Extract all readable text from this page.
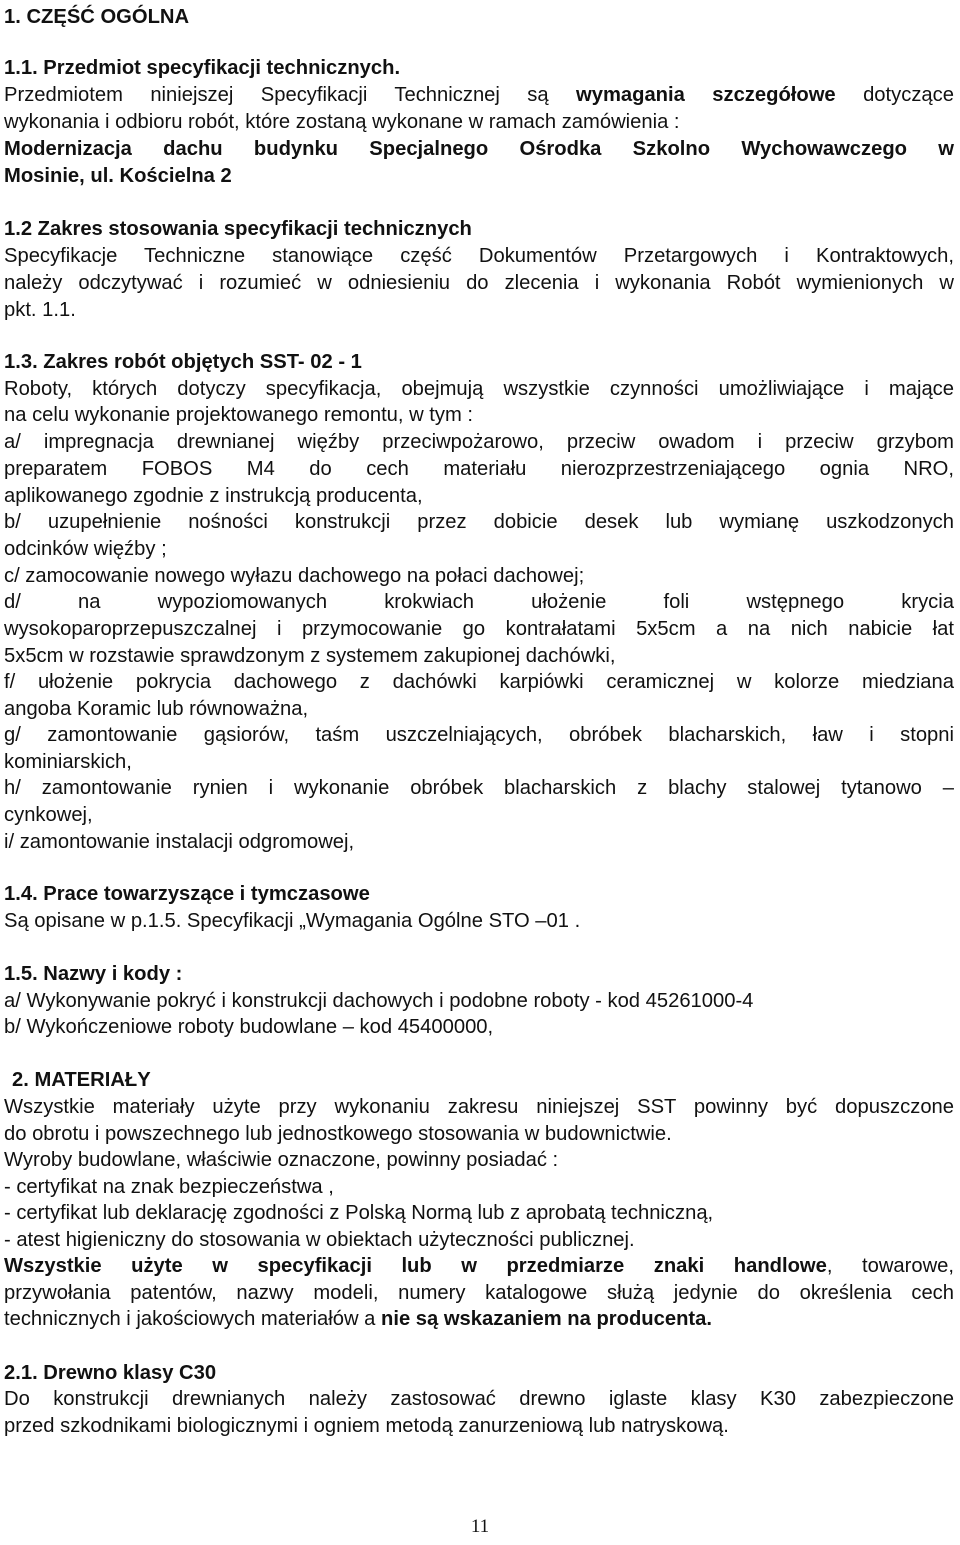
1. CZĘŚĆ OGÓLNA
1.1. Przedmiot specyfikacji technicznych.
Przedmiotem niniejszej Specyfikacji Technicznej są wymagania szczegółowe dotyczące
wykonania i odbioru robót, które zostaną wykonane w ramach zamówienia :
Modernizacja dachu budynku Specjalnego Ośrodka Szkolno Wychowawczego w
Mosinie, ul. Kościelna 2
1.2 Zakres stosowania specyfikacji technicznych
Specyfikacje Techniczne stanowiące część Dokumentów Przetargowych i Kontraktowych,
należy odczytywać i rozumieć w odniesieniu do zlecenia i wykonania Robót wymienionych w
pkt. 1.1.
1.3. Zakres robót objętych SST- 02 - 1
Roboty, których dotyczy specyfikacja, obejmują wszystkie czynności umożliwiające i mające
na celu wykonanie projektowanego remontu, w tym :
a/ impregnacja drewnianej więźby przeciwpożarowo, przeciw owadom i przeciw grzybom
preparatem FOBOS M4 do cech materiału nierozprzestrzeniającego ognia NRO,
aplikowanego zgodnie z instrukcją producenta,
b/ uzupełnienie nośności konstrukcji przez dobicie desek lub wymianę uszkodzonych
odcinków więźby ;
c/ zamocowanie nowego wyłazu dachowego na połaci dachowej;
d/ na wypoziomowanych krokwiach ułożenie foli wstępnego krycia
wysokoparoprzepuszczalnej i przymocowanie go kontrałatami 5x5cm a na nich nabicie łat
5x5cm w rozstawie sprawdzonym z systemem zakupionej dachówki,
f/ ułożenie pokrycia dachowego z dachówki karpiówki ceramicznej w kolorze miedziana
angoba Koramic lub równoważna,
g/ zamontowanie gąsiorów, taśm uszczelniających, obróbek blacharskich, ław i stopni
kominiarskich,
h/ zamontowanie rynien i wykonanie obróbek blacharskich z blachy stalowej tytanowo –
cynkowej,
i/ zamontowanie instalacji odgromowej,
1.4. Prace towarzyszące i tymczasowe
Są opisane w p.1.5. Specyfikacji „Wymagania Ogólne STO –01 .
1.5. Nazwy i kody :
a/ Wykonywanie pokryć i konstrukcji dachowych i podobne roboty - kod 45261000-4
b/ Wykończeniowe roboty budowlane – kod 45400000,
2. MATERIAŁY
Wszystkie materiały użyte przy wykonaniu zakresu niniejszej SST powinny być dopuszczone
do obrotu i powszechnego lub jednostkowego stosowania w budownictwie.
Wyroby budowlane, właściwie oznaczone, powinny posiadać :
- certyfikat na znak bezpieczeństwa ,
- certyfikat lub deklarację zgodności z Polską Normą lub z aprobatą techniczną,
- atest higieniczny do stosowania w obiektach użyteczności publicznej.
Wszystkie użyte w specyfikacji lub w przedmiarze znaki handlowe, towarowe,
przywołania patentów, nazwy modeli, numery katalogowe służą jedynie do określenia cech
technicznych i jakościowych materiałów a nie są wskazaniem na producenta.
2.1. Drewno klasy C30
Do konstrukcji drewnianych należy zastosować drewno iglaste klasy K30 zabezpieczone
przed szkodnikami biologicznymi i ogniem metodą zanurzeniową lub natryskową.
11
